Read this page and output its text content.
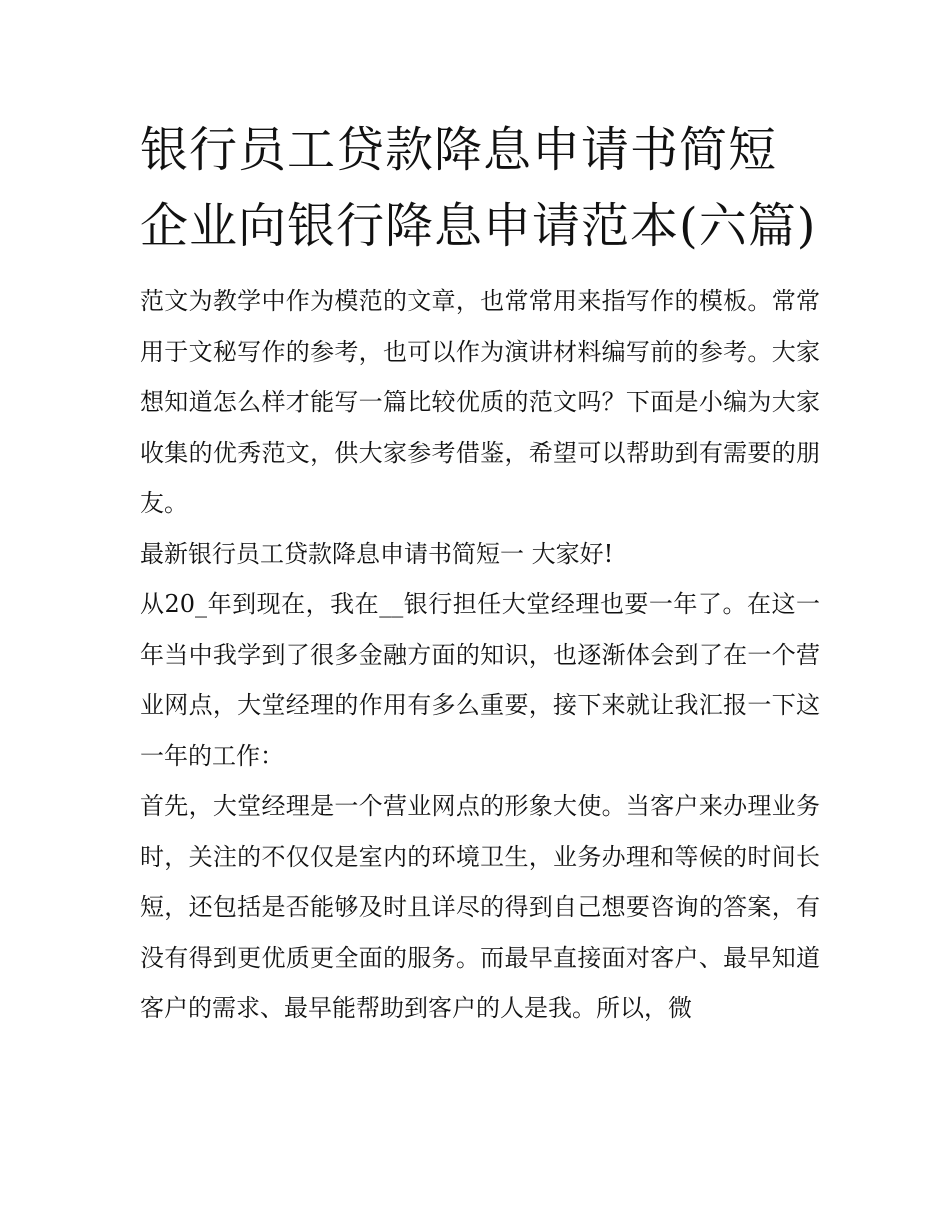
银行员工贷款降息申请书简短企业向银行降息申请范本(六篇)

范文为教学中作为模范的文章，也常常用来指写作的模板。常常用于文秘写作的参考，也可以作为演讲材料编写前的参考。大家想知道怎么样才能写一篇比较优质的范文吗？下面是小编为大家收集的优秀范文，供大家参考借鉴，希望可以帮助到有需要的朋友。

最新银行员工贷款降息申请书简短一 大家好!

从20_年到现在，我在__银行担任大堂经理也要一年了。在这一年当中我学到了很多金融方面的知识，也逐渐体会到了在一个营业网点，大堂经理的作用有多么重要，接下来就让我汇报一下这一年的工作：

首先，大堂经理是一个营业网点的形象大使。当客户来办理业务时，关注的不仅仅是室内的环境卫生，业务办理和等候的时间长短，还包括是否能够及时且详尽的得到自己想要咨询的答案，有没有得到更优质更全面的服务。而最早直接面对客户、最早知道客户的需求、最早能帮助到客户的人是我。所以，微
